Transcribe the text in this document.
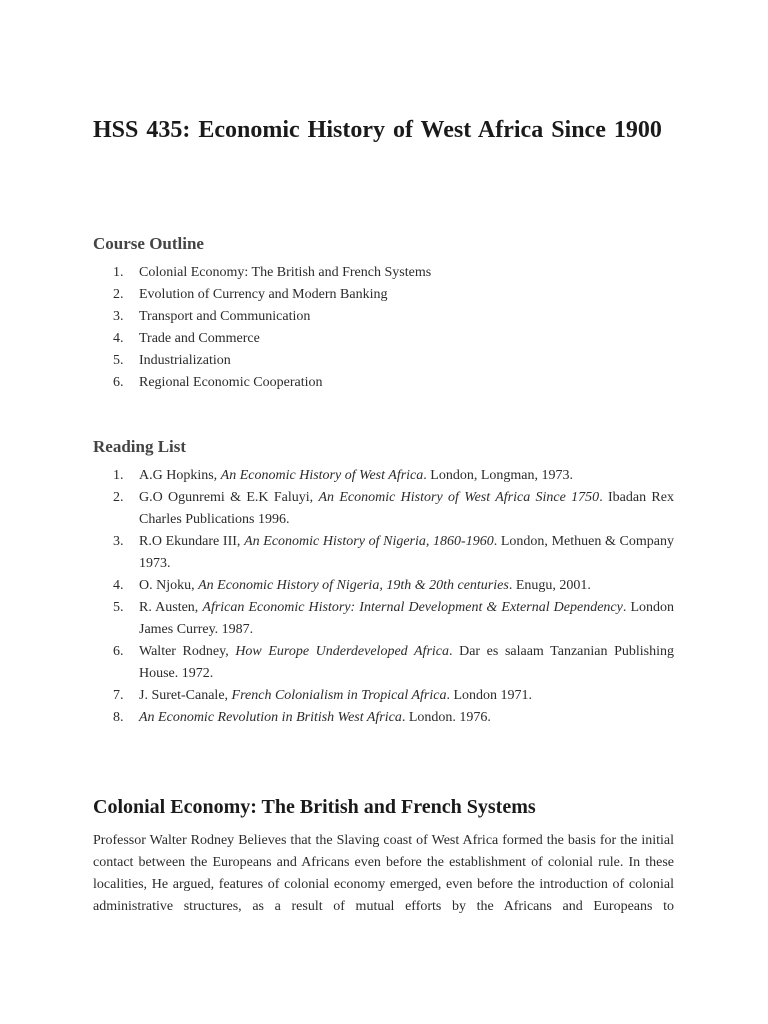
HSS 435: Economic History of West Africa Since 1900
Course Outline
1. Colonial Economy: The British and French Systems
2. Evolution of Currency and Modern Banking
3. Transport and Communication
4. Trade and Commerce
5. Industrialization
6. Regional Economic Cooperation
Reading List
1. A.G Hopkins, An Economic History of West Africa. London, Longman, 1973.
2. G.O Ogunremi & E.K Faluyi, An Economic History of West Africa Since 1750. Ibadan Rex Charles Publications 1996.
3. R.O Ekundare III, An Economic History of Nigeria, 1860-1960. London, Methuen & Company 1973.
4. O. Njoku, An Economic History of Nigeria, 19th & 20th centuries. Enugu, 2001.
5. R. Austen, African Economic History: Internal Development & External Dependency. London James Currey. 1987.
6. Walter Rodney, How Europe Underdeveloped Africa. Dar es salaam Tanzanian Publishing House. 1972.
7. J. Suret-Canale, French Colonialism in Tropical Africa. London 1971.
8. An Economic Revolution in British West Africa. London. 1976.
Colonial Economy: The British and French Systems

Professor Walter Rodney Believes that the Slaving coast of West Africa formed the basis for the initial contact between the Europeans and Africans even before the establishment of colonial rule. In these localities, He argued, features of colonial economy emerged, even before the introduction of colonial administrative structures, as a result of mutual efforts by the Africans and Europeans to
